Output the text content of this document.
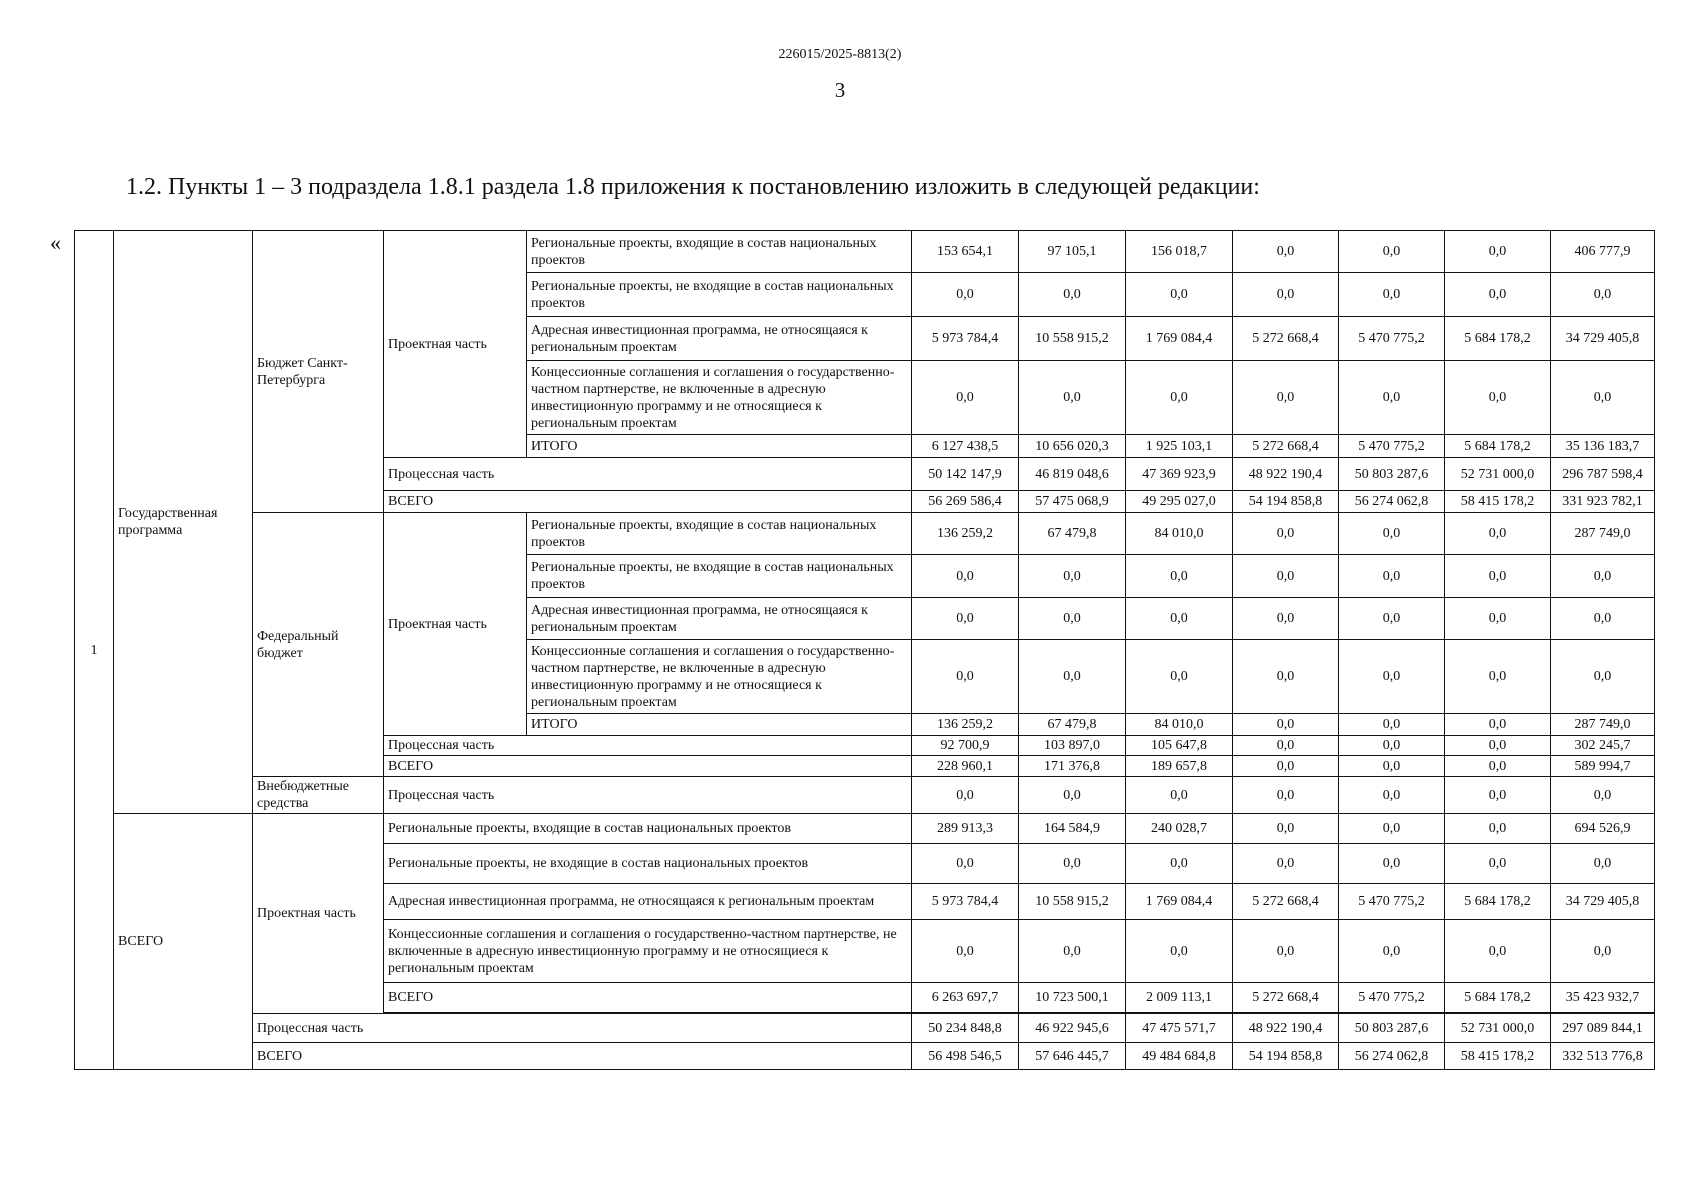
226015/2025-8813(2)
3
1.2. Пункты 1 – 3 подраздела 1.8.1 раздела 1.8 приложения к постановлению изложить в следующей редакции:
«
1	Государственная программа	Бюджет Санкт-Петербурга	Проектная часть	Региональные проекты, входящие в состав национальных проектов	153 654,1	97 105,1	156 018,7	0,0	0,0	0,0	406 777,9
				Региональные проекты, не входящие в состав национальных проектов	0,0	0,0	0,0	0,0	0,0	0,0	0,0
				Адресная инвестиционная программа, не относящаяся к региональным проектам	5 973 784,4	10 558 915,2	1 769 084,4	5 272 668,4	5 470 775,2	5 684 178,2	34 729 405,8
				Концессионные соглашения и соглашения о государственно-частном партнерстве, не включенные в адресную инвестиционную программу и не относящиеся к региональным проектам	0,0	0,0	0,0	0,0	0,0	0,0	0,0
				ИТОГО	6 127 438,5	10 656 020,3	1 925 103,1	5 272 668,4	5 470 775,2	5 684 178,2	35 136 183,7
			Процессная часть		50 142 147,9	46 819 048,6	47 369 923,9	48 922 190,4	50 803 287,6	52 731 000,0	296 787 598,4
			ВСЕГО		56 269 586,4	57 475 068,9	49 295 027,0	54 194 858,8	56 274 062,8	58 415 178,2	331 923 782,1
		Федеральный бюджет	Проектная часть	Региональные проекты, входящие в состав национальных проектов	136 259,2	67 479,8	84 010,0	0,0	0,0	0,0	287 749,0
				Региональные проекты, не входящие в состав национальных проектов	0,0	0,0	0,0	0,0	0,0	0,0	0,0
				Адресная инвестиционная программа, не относящаяся к региональным проектам	0,0	0,0	0,0	0,0	0,0	0,0	0,0
				Концессионные соглашения и соглашения о государственно-частном партнерстве, не включенные в адресную инвестиционную программу и не относящиеся к региональным проектам	0,0	0,0	0,0	0,0	0,0	0,0	0,0
				ИТОГО	136 259,2	67 479,8	84 010,0	0,0	0,0	0,0	287 749,0
			Процессная часть		92 700,9	103 897,0	105 647,8	0,0	0,0	0,0	302 245,7
			ВСЕГО		228 960,1	171 376,8	189 657,8	0,0	0,0	0,0	589 994,7
		Внебюджетные средства	Процессная часть		0,0	0,0	0,0	0,0	0,0	0,0	0,0
	ВСЕГО	Проектная часть	Региональные проекты, входящие в состав национальных проектов		289 913,3	164 584,9	240 028,7	0,0	0,0	0,0	694 526,9
			Региональные проекты, не входящие в состав национальных проектов		0,0	0,0	0,0	0,0	0,0	0,0	0,0
			Адресная инвестиционная программа, не относящаяся к региональным проектам		5 973 784,4	10 558 915,2	1 769 084,4	5 272 668,4	5 470 775,2	5 684 178,2	34 729 405,8
			Концессионные соглашения и соглашения о государственно-частном партнерстве, не включенные в адресную инвестиционную программу и не относящиеся к региональным проектам		0,0	0,0	0,0	0,0	0,0	0,0	0,0
			ВСЕГО		6 263 697,7	10 723 500,1	2 009 113,1	5 272 668,4	5 470 775,2	5 684 178,2	35 423 932,7

		Процессная часть			50 234 848,8	46 922 945,6	47 475 571,7	48 922 190,4	50 803 287,6	52 731 000,0	297 089 844,1
		ВСЕГО			56 498 546,5	57 646 445,7	49 484 684,8	54 194 858,8	56 274 062,8	58 415 178,2	332 513 776,8
